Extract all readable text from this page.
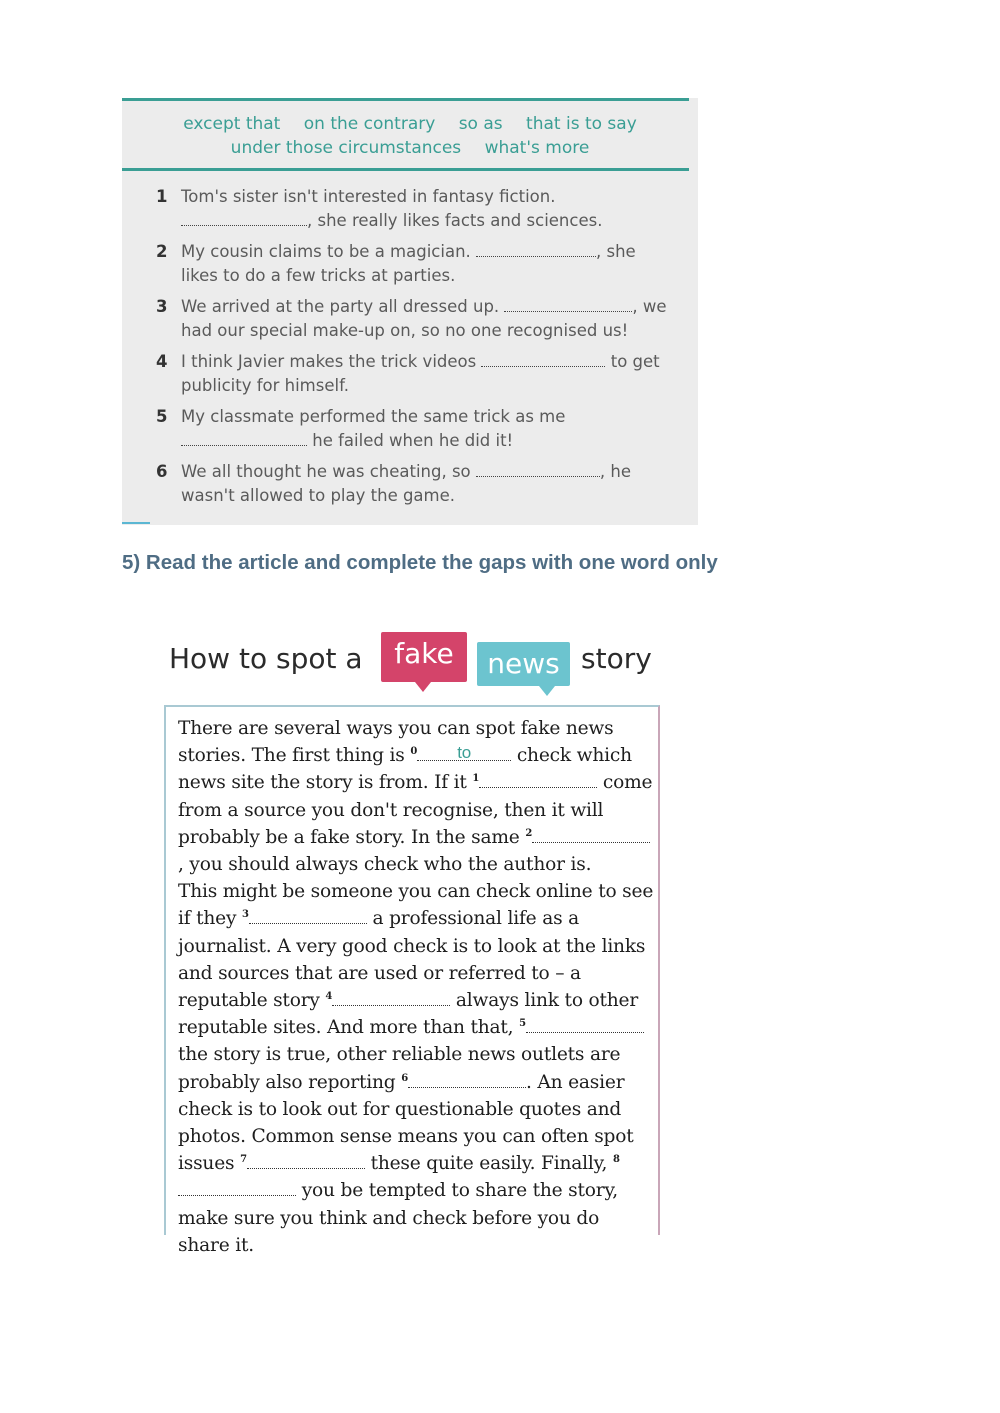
except that on the contrary so as that is to say
under those circumstances what's more
1 Tom's sister isn't interested in fantasy fiction.
, she really likes facts and sciences.
2 My cousin claims to be a magician.	, she
likes to do a few tricks at parties.
3 We arrived at the party all dressed up.	, we
had our special make-up on, so no one recognised us!
4 I think Javier makes the trick videos	to get
publicity for himself.
5 My classmate performed the same trick as me
he failed when he did it!
6 We all thought he was cheating, so	, he
wasn't allowed to play the game.
5) Read the article and complete the gaps with one word only
How to spot a	fake	news story
There are several ways you can spot fake news stories. The first thing is $^0$	to	check which news site the story is from. If it $^1$	come from a source you don't recognise, then it will probably be a fake story. In the same $^2$, you should always check who the author is.
This might be someone you can check online to see if they $^3$	a professional life as a journalist. A very good check is to look at the links and sources that are used or referred to – a reputable story $^4$	always link to other reputable sites. And more than that, $^5$ the story is true, other reliable news outlets are probably also reporting $^6$	. An easier check is to look out for questionable quotes and photos. Common sense means you can often spot issues $^7$	these quite easily. Finally, $^8$ you be tempted to share the story, make sure you think and check before you do share it.
